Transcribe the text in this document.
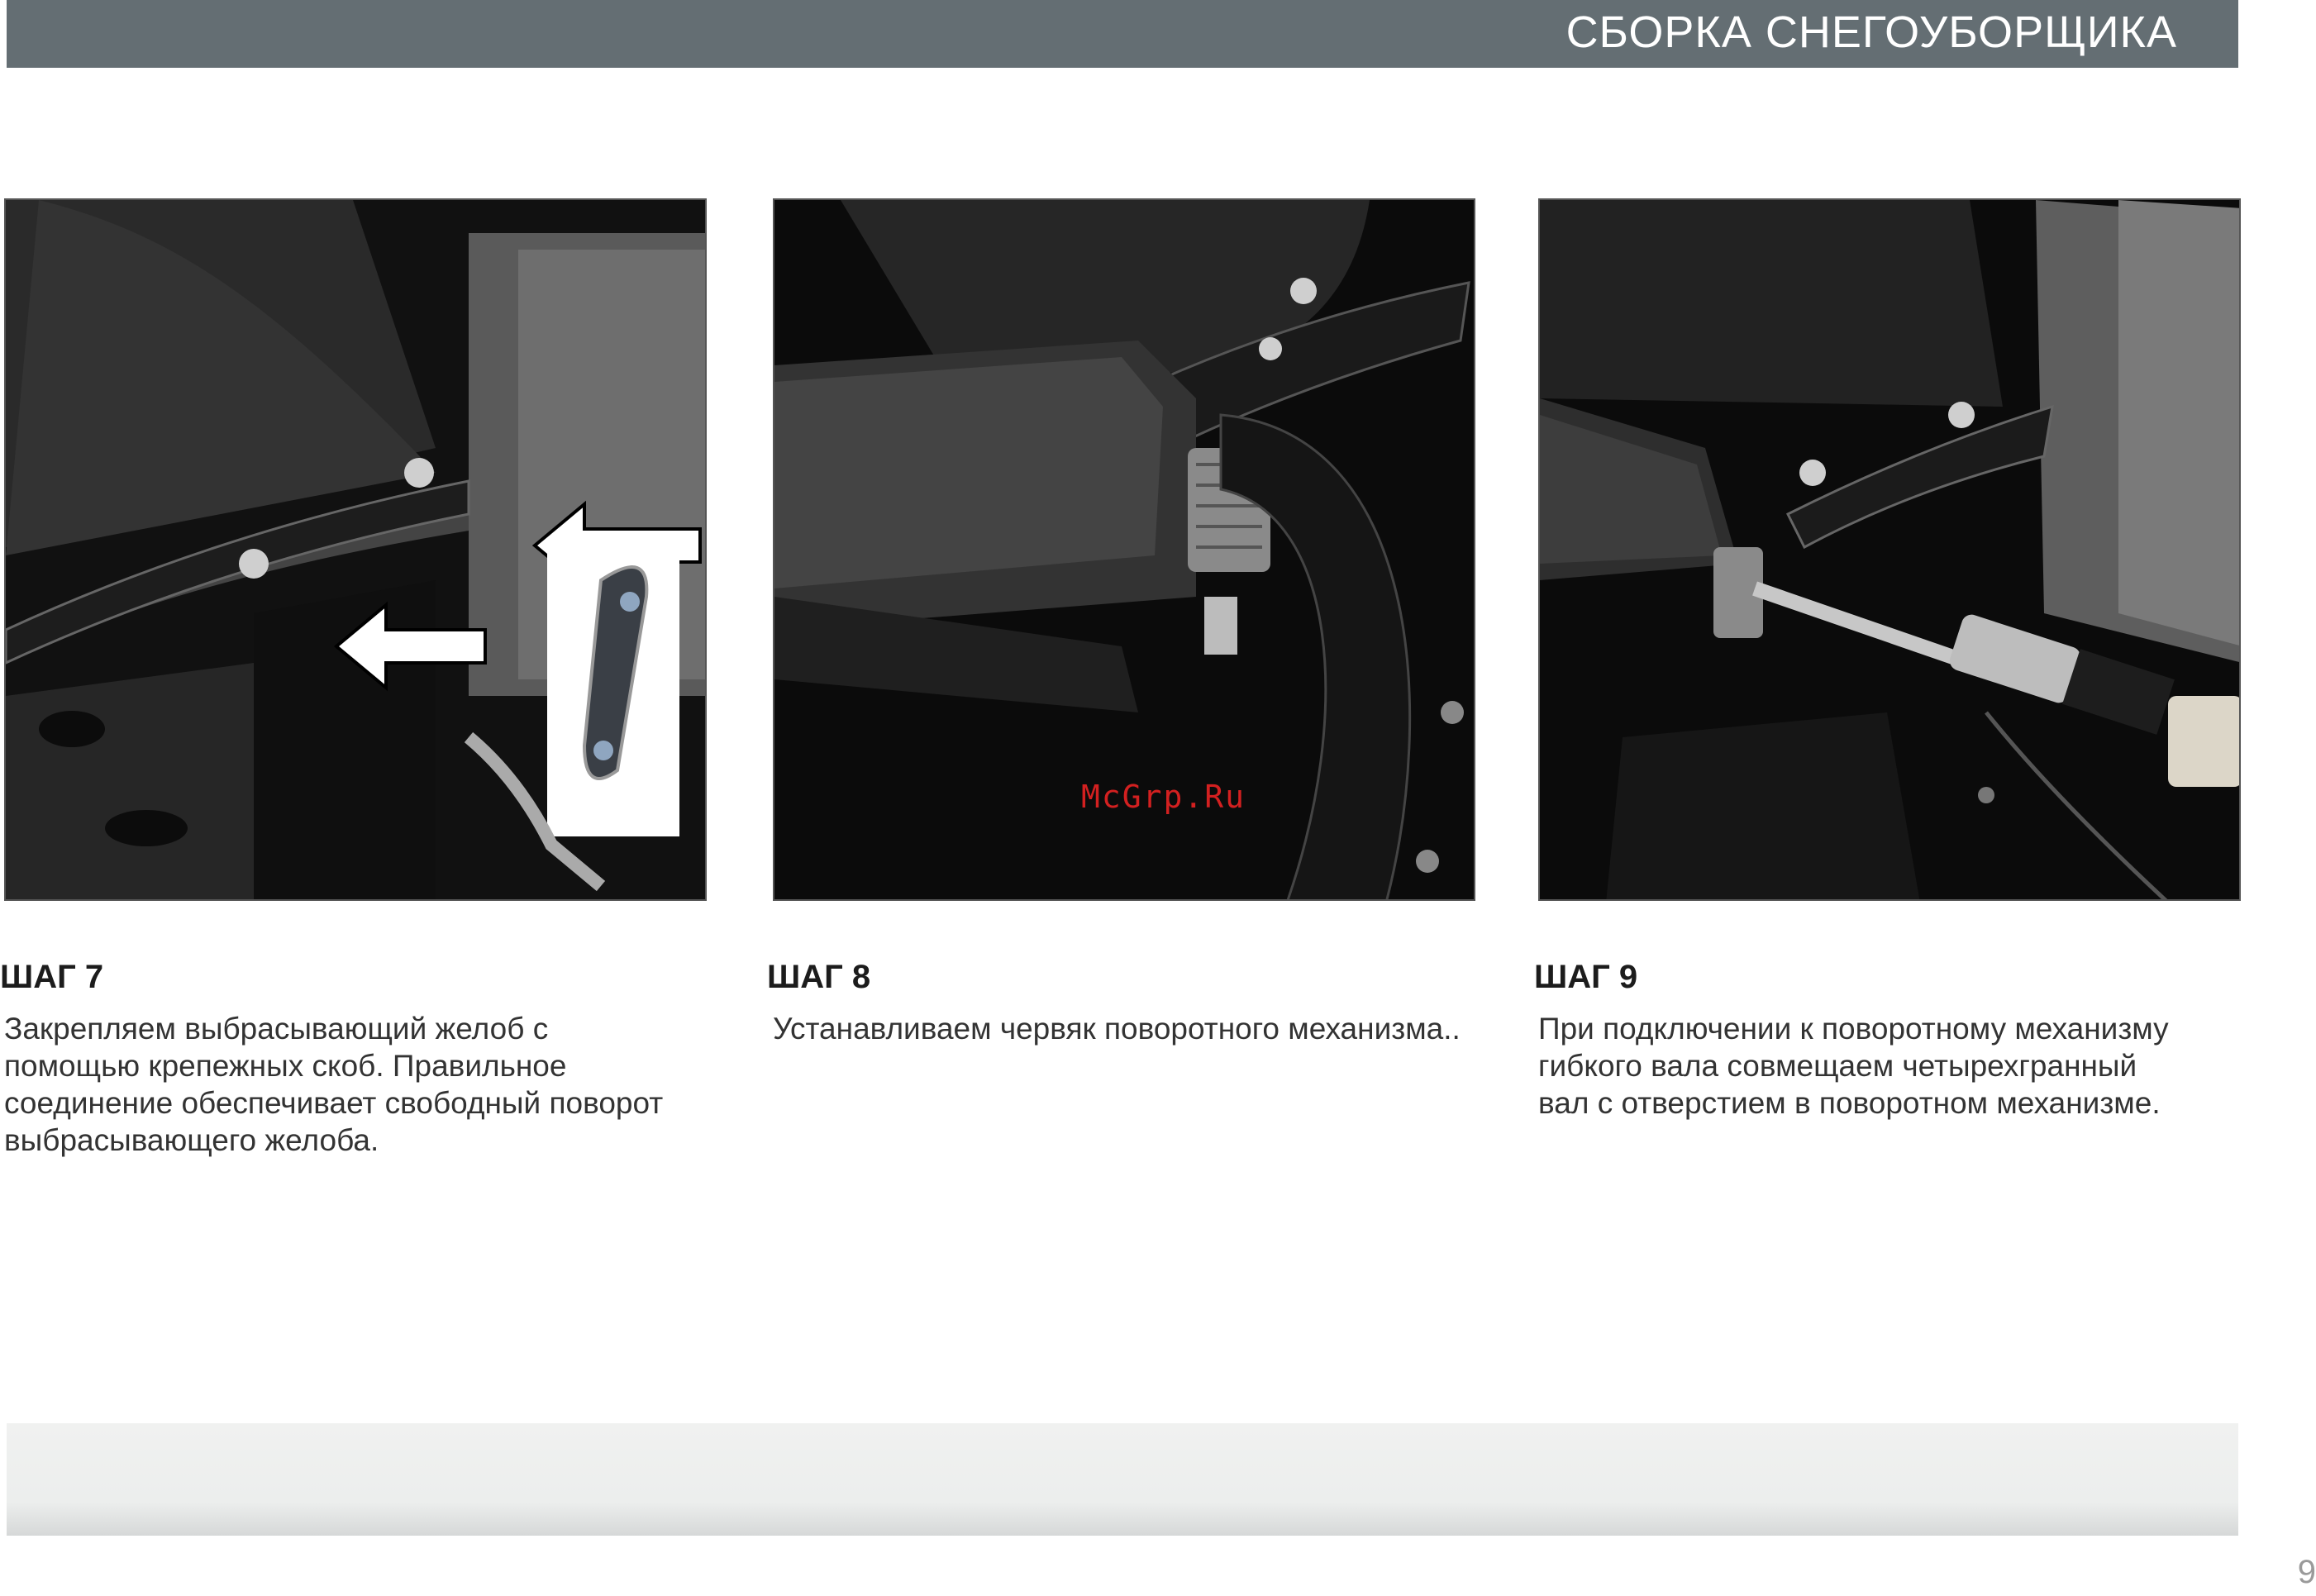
СБОРКА СНЕГОУБОРЩИКА
McGrp.Ru
ШАГ 7	ШАГ 8	ШАГ 9
Закрепляем выбрасывающий желоб с
помощью крепежных скоб. Правильное
соединение обеспечивает свободный поворот
выбрасывающего желоба.
Устанавливаем червяк поворотного механизма..	При подключении к поворотному механизму
гибкого вала совмещаем четырехгранный
вал с отверстием в поворотном механизме.
9
